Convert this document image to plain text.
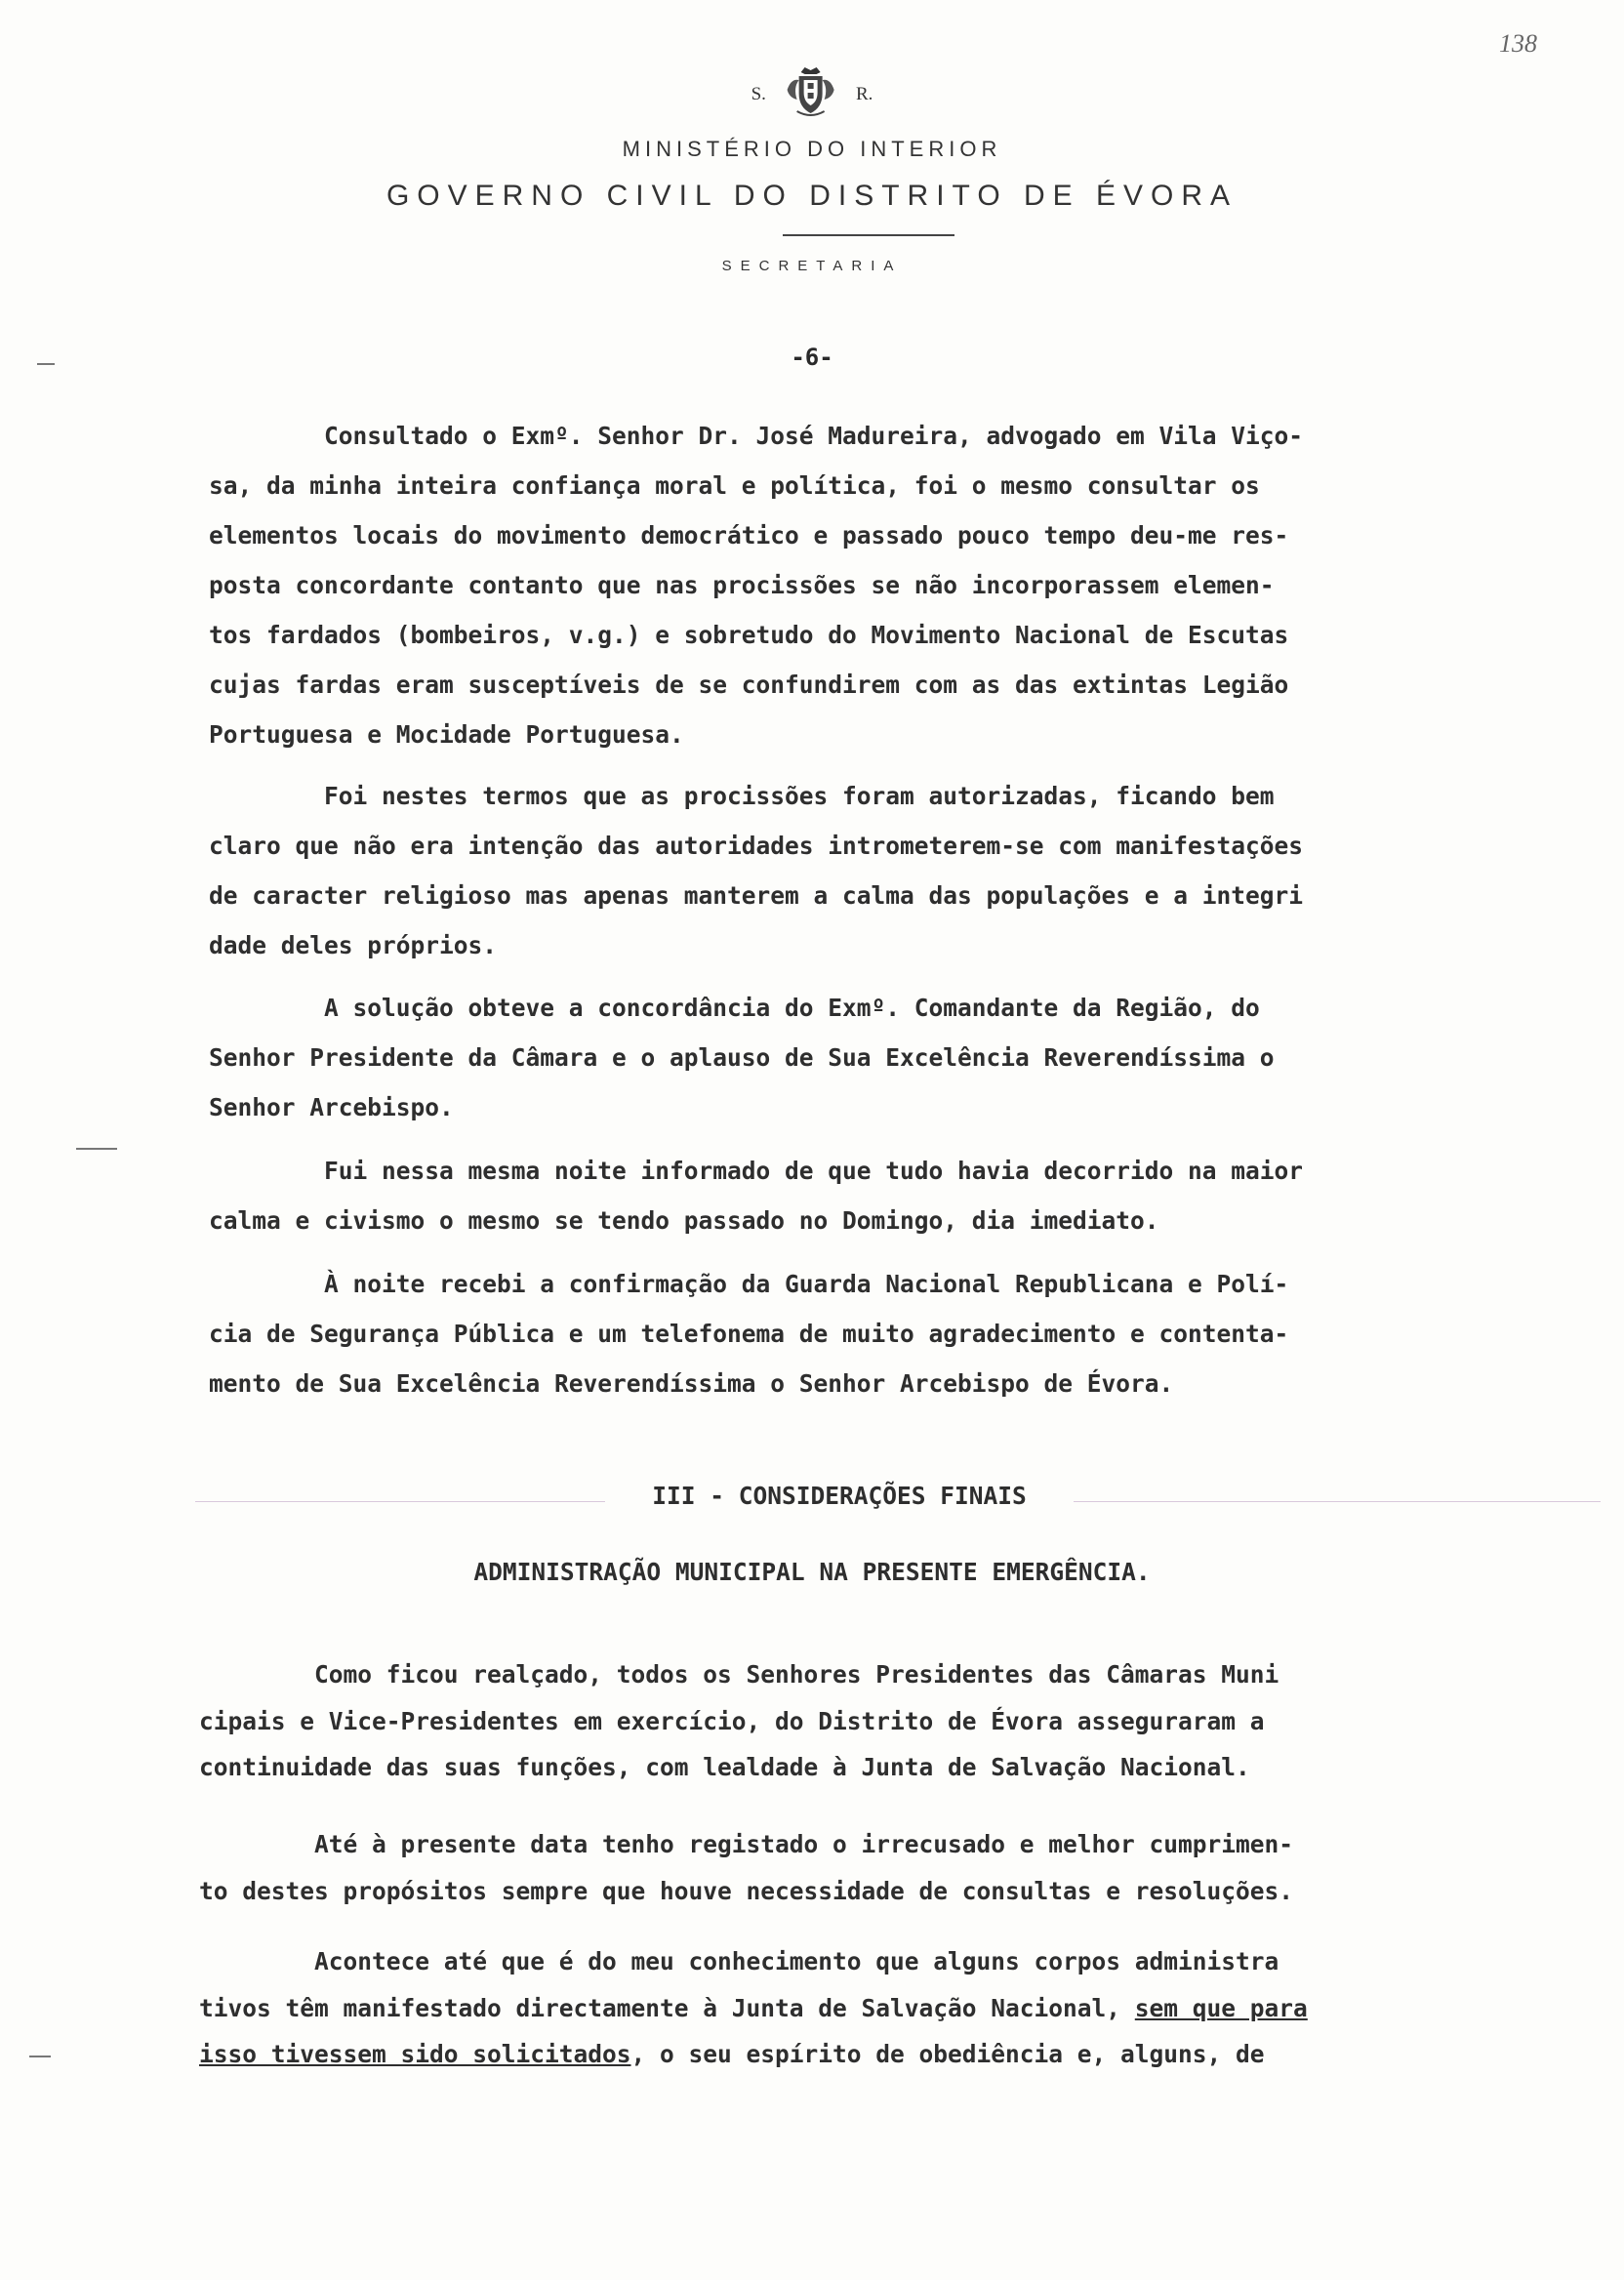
138
S.	R.
MINISTÉRIO DO INTERIOR
GOVERNO CIVIL DO DISTRITO DE ÉVORA
SECRETARIA
-6-
Consultado o Exmº. Senhor Dr. José Madureira, advogado em Vila Viço-
sa, da minha inteira confiança moral e política, foi o mesmo consultar os
elementos locais do movimento democrático e passado pouco tempo deu-me res-
posta concordante contanto que nas procissões se não incorporassem elemen-
tos fardados (bombeiros, v.g.) e sobretudo do Movimento Nacional de Escutas
cujas fardas eram susceptíveis de se confundirem com as das extintas Legião
Portuguesa e Mocidade Portuguesa.
Foi nestes termos que as procissões foram autorizadas, ficando bem
claro que não era intenção das autoridades intrometerem-se com manifestações
de caracter religioso mas apenas manterem a calma das populações e a integri
dade deles próprios.
A solução obteve a concordância do Exmº. Comandante da Região, do
Senhor Presidente da Câmara e o aplauso de Sua Excelência Reverendíssima o
Senhor Arcebispo.
Fui nessa mesma noite informado de que tudo havia decorrido na maior
calma e civismo o mesmo se tendo passado no Domingo, dia imediato.
À noite recebi a confirmação da Guarda Nacional Republicana e Polí-
cia de Segurança Pública e um telefonema de muito agradecimento e contenta-
mento de Sua Excelência Reverendíssima o Senhor Arcebispo de Évora.
III - CONSIDERAÇÕES FINAIS
ADMINISTRAÇÃO MUNICIPAL NA PRESENTE EMERGÊNCIA.
Como ficou realçado, todos os Senhores Presidentes das Câmaras Muni
cipais e Vice-Presidentes em exercício, do Distrito de Évora asseguraram a
continuidade das suas funções, com lealdade à Junta de Salvação Nacional.
Até à presente data tenho registado o irrecusado e melhor cumprimen-
to destes propósitos sempre que houve necessidade de consultas e resoluções.
Acontece até que é do meu conhecimento que alguns corpos administra
tivos têm manifestado directamente à Junta de Salvação Nacional, sem que para
isso tivessem sido solicitados, o seu espírito de obediência e, alguns, de
